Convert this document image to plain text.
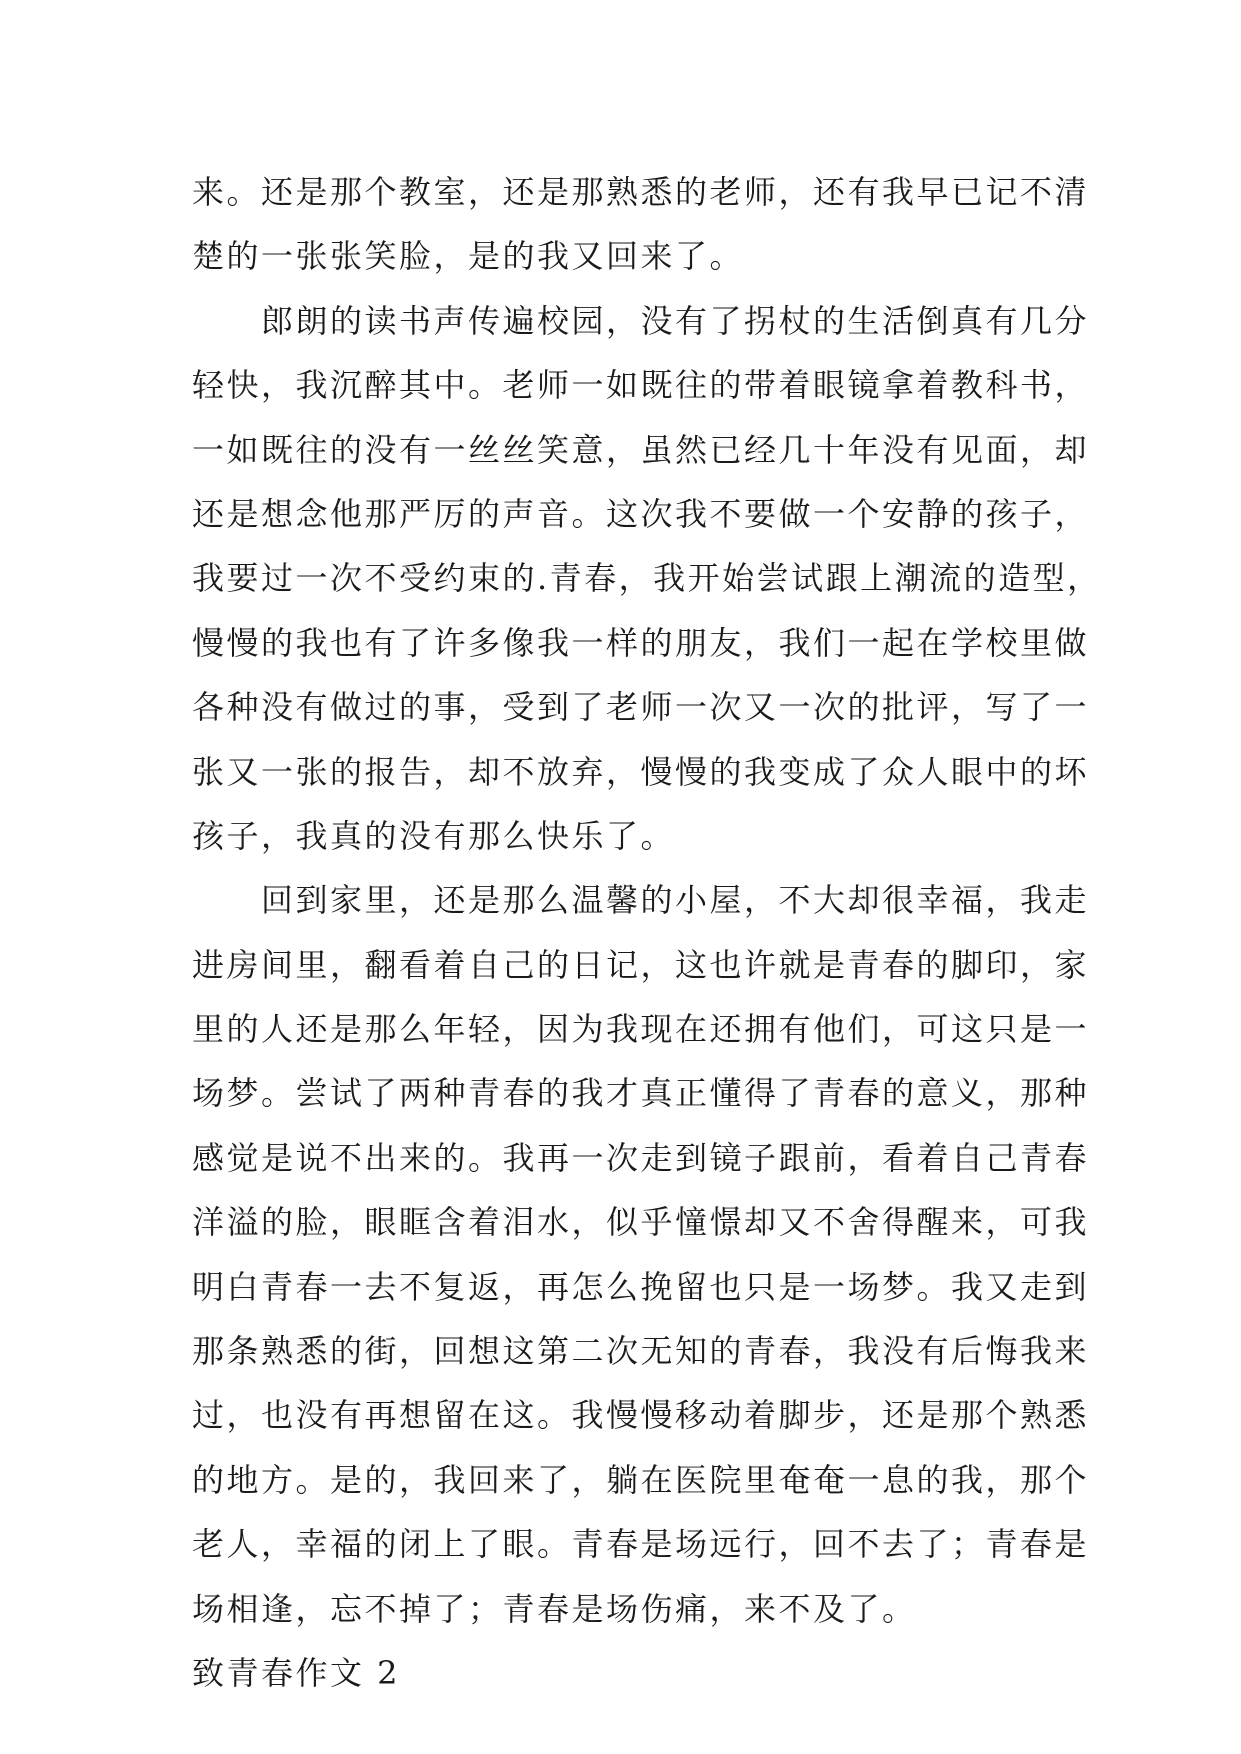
来。还是那个教室，还是那熟悉的老师，还有我早已记不清
楚的一张张笑脸，是的我又回来了。
　　郎朗的读书声传遍校园，没有了拐杖的生活倒真有几分
轻快，我沉醉其中。老师一如既往的带着眼镜拿着教科书，
一如既往的没有一丝丝笑意，虽然已经几十年没有见面，却
还是想念他那严厉的声音。这次我不要做一个安静的孩子，
我要过一次不受约束的.青春，我开始尝试跟上潮流的造型，
慢慢的我也有了许多像我一样的朋友，我们一起在学校里做
各种没有做过的事，受到了老师一次又一次的批评，写了一
张又一张的报告，却不放弃，慢慢的我变成了众人眼中的坏
孩子，我真的没有那么快乐了。
　　回到家里，还是那么温馨的小屋，不大却很幸福，我走
进房间里，翻看着自己的日记，这也许就是青春的脚印，家
里的人还是那么年轻，因为我现在还拥有他们，可这只是一
场梦。尝试了两种青春的我才真正懂得了青春的意义，那种
感觉是说不出来的。我再一次走到镜子跟前，看着自己青春
洋溢的脸，眼眶含着泪水，似乎憧憬却又不舍得醒来，可我
明白青春一去不复返，再怎么挽留也只是一场梦。我又走到
那条熟悉的街，回想这第二次无知的青春，我没有后悔我来
过，也没有再想留在这。我慢慢移动着脚步，还是那个熟悉
的地方。是的，我回来了，躺在医院里奄奄一息的我，那个
老人，幸福的闭上了眼。青春是场远行，回不去了；青春是
场相逢，忘不掉了；青春是场伤痛，来不及了。
致青春作文 2
